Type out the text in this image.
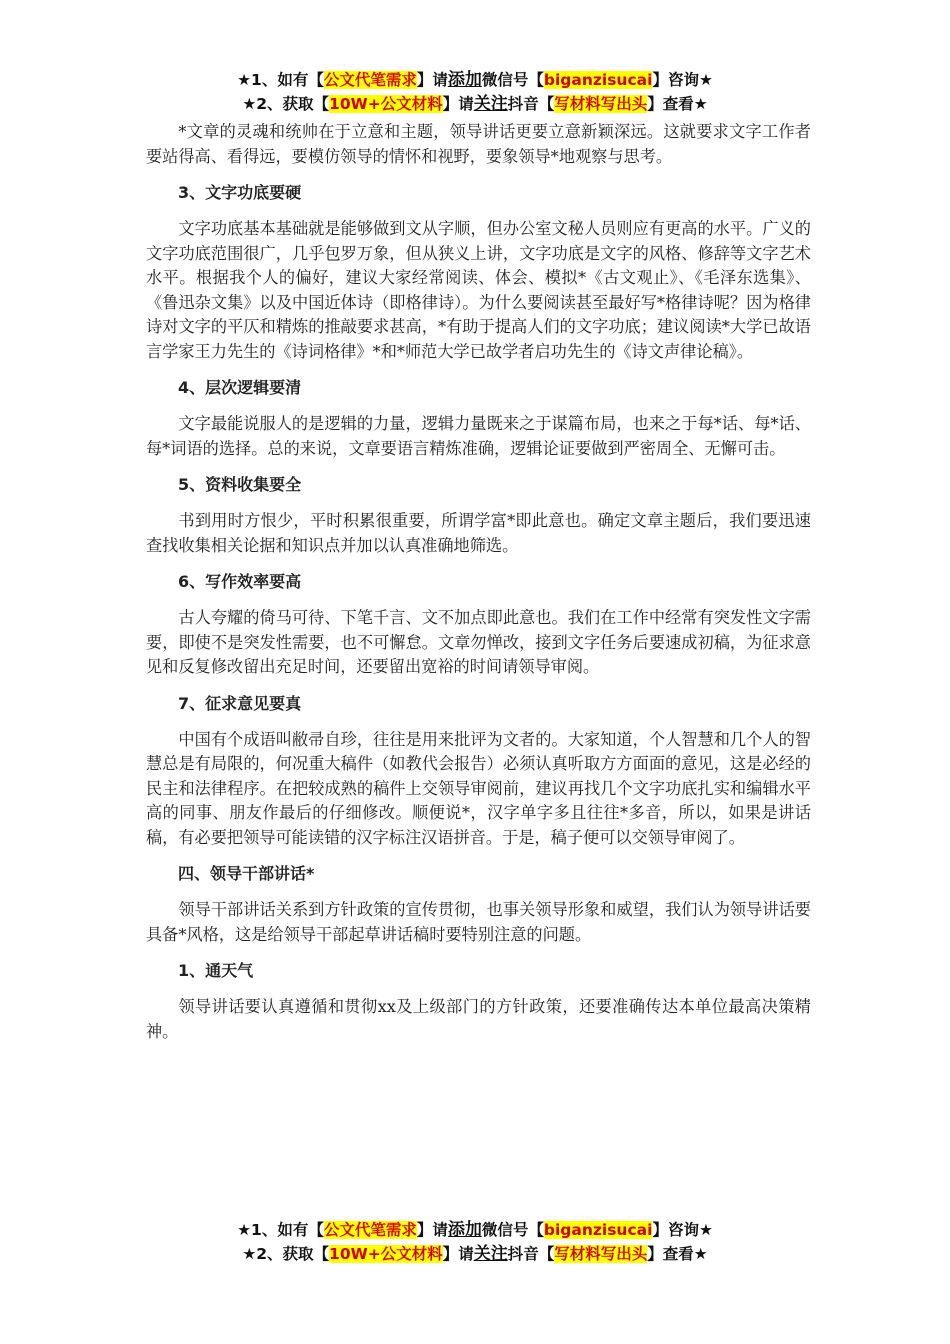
★1、如有【公文代笔需求】请添加微信号【biganzisucai】咨询★
★2、获取【10W+公文材料】请关注抖音【写材料写出头】查看★

*文章的灵魂和统帅在于立意和主题，领导讲话更要立意新颖深远。这就要求文字工作者要站得高、看得远，要模仿领导的情怀和视野，要象领导*地观察与思考。

3、文字功底要硬

文字功底基本基础就是能够做到文从字顺，但办公室文秘人员则应有更高的水平。广义的文字功底范围很广，几乎包罗万象，但从狭义上讲，文字功底是文字的风格、修辞等文字艺术水平。根据我个人的偏好，建议大家经常阅读、体会、模拟*《古文观止》、《毛泽东选集》、《鲁迅杂文集》以及中国近体诗（即格律诗）。为什么要阅读甚至最好写*格律诗呢？因为格律诗对文字的平仄和精炼的推敲要求甚高，*有助于提高人们的文字功底；建议阅读*大学已故语言学家王力先生的《诗词格律》*和*师范大学已故学者启功先生的《诗文声律论稿》。

4、层次逻辑要清

文字最能说服人的是逻辑的力量，逻辑力量既来之于谋篇布局，也来之于每*话、每*话、每*词语的选择。总的来说，文章要语言精炼准确，逻辑论证要做到严密周全、无懈可击。

5、资料收集要全

书到用时方恨少，平时积累很重要，所谓学富*即此意也。确定文章主题后，我们要迅速查找收集相关论据和知识点并加以认真准确地筛选。

6、写作效率要高

古人夸耀的倚马可待、下笔千言、文不加点即此意也。我们在工作中经常有突发性文字需要，即使不是突发性需要，也不可懈怠。文章勿惮改，接到文字任务后要速成初稿，为征求意见和反复修改留出充足时间，还要留出宽裕的时间请领导审阅。

7、征求意见要真

中国有个成语叫敝帚自珍，往往是用来批评为文者的。大家知道，个人智慧和几个人的智慧总是有局限的，何况重大稿件（如教代会报告）必须认真听取方方面面的意见，这是必经的民主和法律程序。在把较成熟的稿件上交领导审阅前，建议再找几个文字功底扎实和编辑水平高的同事、朋友作最后的仔细修改。顺便说*，汉字单字多且往往*多音，所以，如果是讲话稿，有必要把领导可能读错的汉字标注汉语拼音。于是，稿子便可以交领导审阅了。

四、领导干部讲话*

领导干部讲话关系到方针政策的宣传贯彻，也事关领导形象和威望，我们认为领导讲话要具备*风格，这是给领导干部起草讲话稿时要特别注意的问题。

1、通天气

领导讲话要认真遵循和贯彻xx及上级部门的方针政策，还要准确传达本单位最高决策精神。

★1、如有【公文代笔需求】请添加微信号【biganzisucai】咨询★
★2、获取【10W+公文材料】请关注抖音【写材料写出头】查看★
